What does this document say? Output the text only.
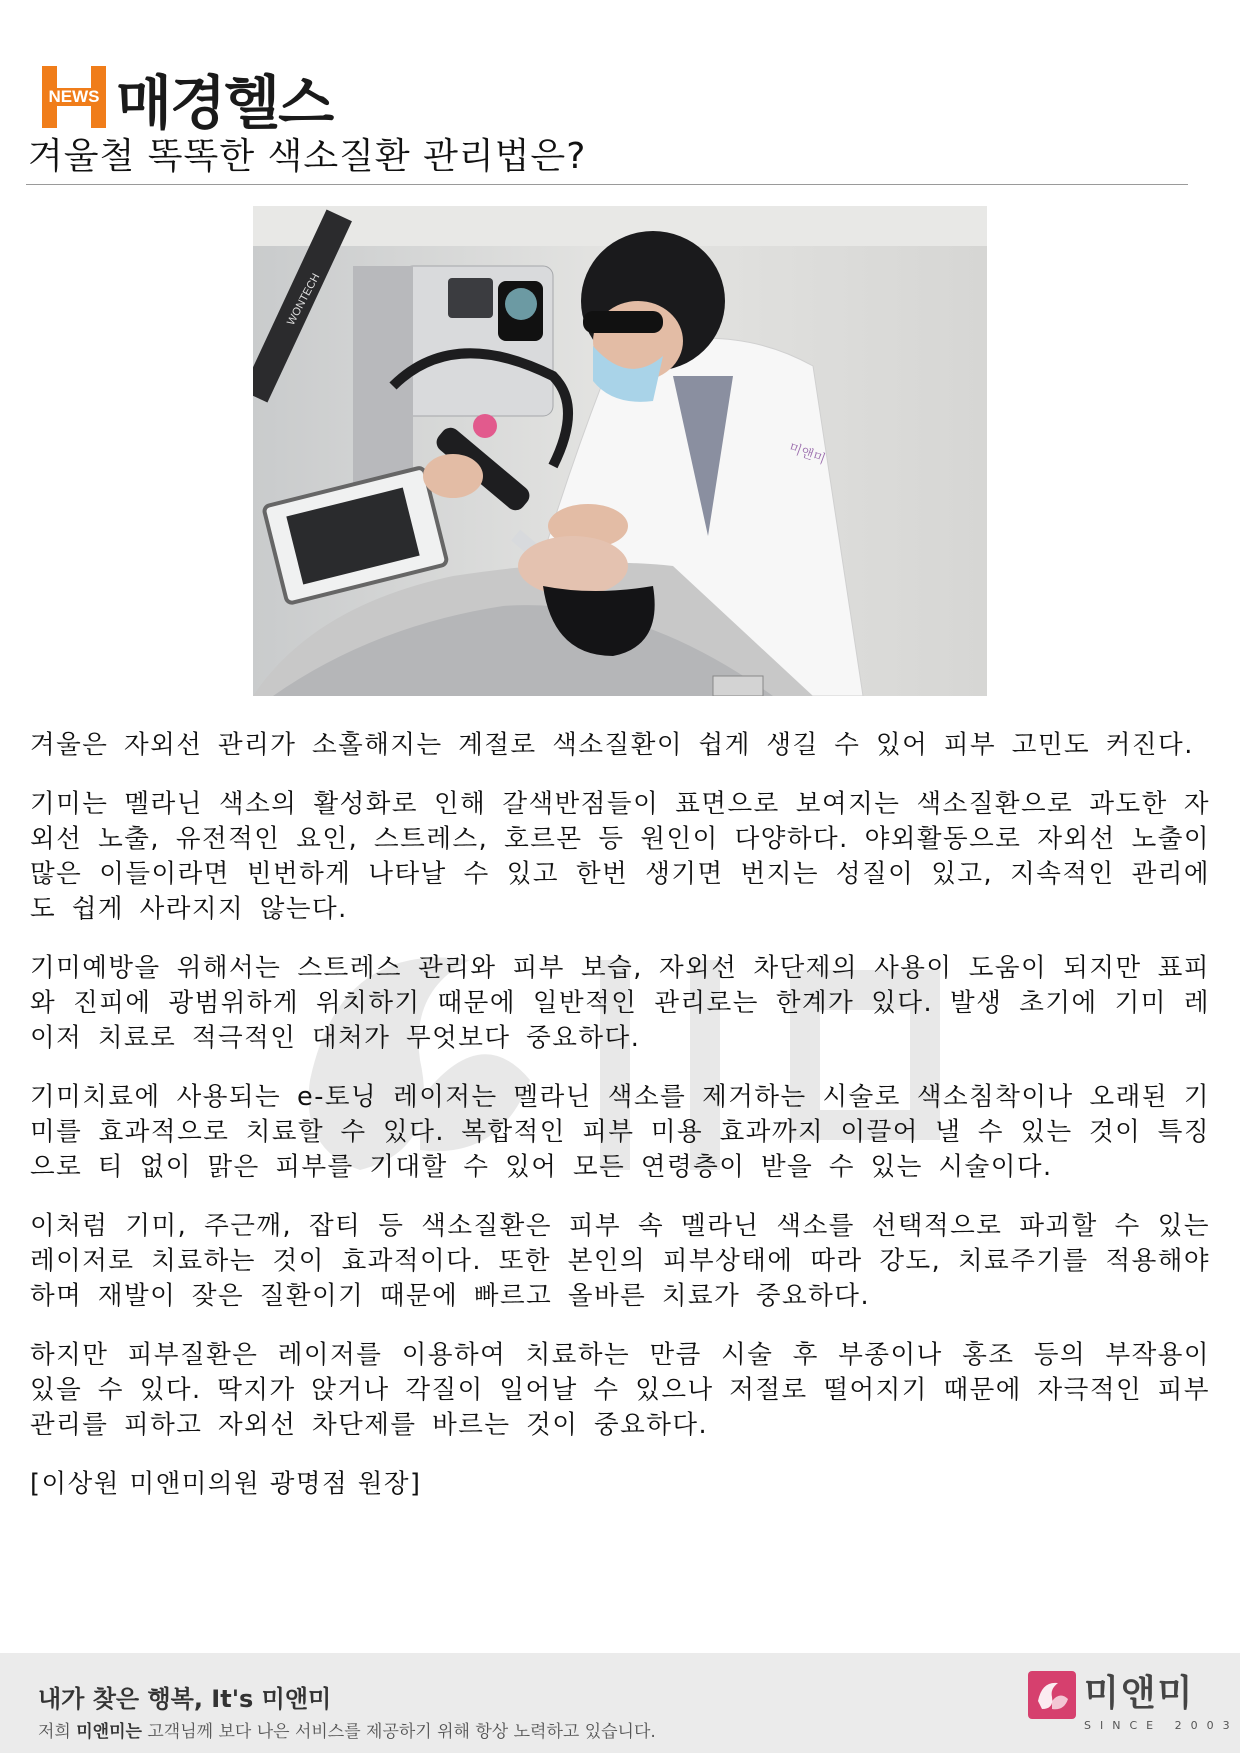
NEWS 매경헬스
겨울철 똑똑한 색소질환 관리법은?
WONTECH
미앤미

겨울은 자외선 관리가 소홀해지는 계절로 색소질환이 쉽게 생길 수 있어 피부 고민도 커진다.

기미는 멜라닌 색소의 활성화로 인해 갈색반점들이 표면으로 보여지는 색소질환으로 과도한 자외선 노출, 유전적인 요인, 스트레스, 호르몬 등 원인이 다양하다. 야외활동으로 자외선 노출이 많은 이들이라면 빈번하게 나타날 수 있고 한번 생기면 번지는 성질이 있고, 지속적인 관리에도 쉽게 사라지지 않는다.

기미예방을 위해서는 스트레스 관리와 피부 보습, 자외선 차단제의 사용이 도움이 되지만 표피와 진피에 광범위하게 위치하기 때문에 일반적인 관리로는 한계가 있다. 발생 초기에 기미 레이저 치료로 적극적인 대처가 무엇보다 중요하다.

기미치료에 사용되는 e-토닝 레이저는 멜라닌 색소를 제거하는 시술로 색소침착이나 오래된 기미를 효과적으로 치료할 수 있다. 복합적인 피부 미용 효과까지 이끌어 낼 수 있는 것이 특징으로 티 없이 맑은 피부를 기대할 수 있어 모든 연령층이 받을 수 있는 시술이다.

이처럼 기미, 주근깨, 잡티 등 색소질환은 피부 속 멜라닌 색소를 선택적으로 파괴할 수 있는 레이저로 치료하는 것이 효과적이다. 또한 본인의 피부상태에 따라 강도, 치료주기를 적용해야 하며 재발이 잦은 질환이기 때문에 빠르고 올바른 치료가 중요하다.

하지만 피부질환은 레이저를 이용하여 치료하는 만큼 시술 후 부종이나 홍조 등의 부작용이 있을 수 있다. 딱지가 앉거나 각질이 일어날 수 있으나 저절로 떨어지기 때문에 자극적인 피부관리를 피하고 자외선 차단제를 바르는 것이 중요하다.

[이상원 미앤미의원 광명점 원장]

내가 찾은 행복, It's 미앤미
저희 미앤미는 고객님께 보다 나은 서비스를 제공하기 위해 항상 노력하고 있습니다.
미앤미
SINCE 2003
